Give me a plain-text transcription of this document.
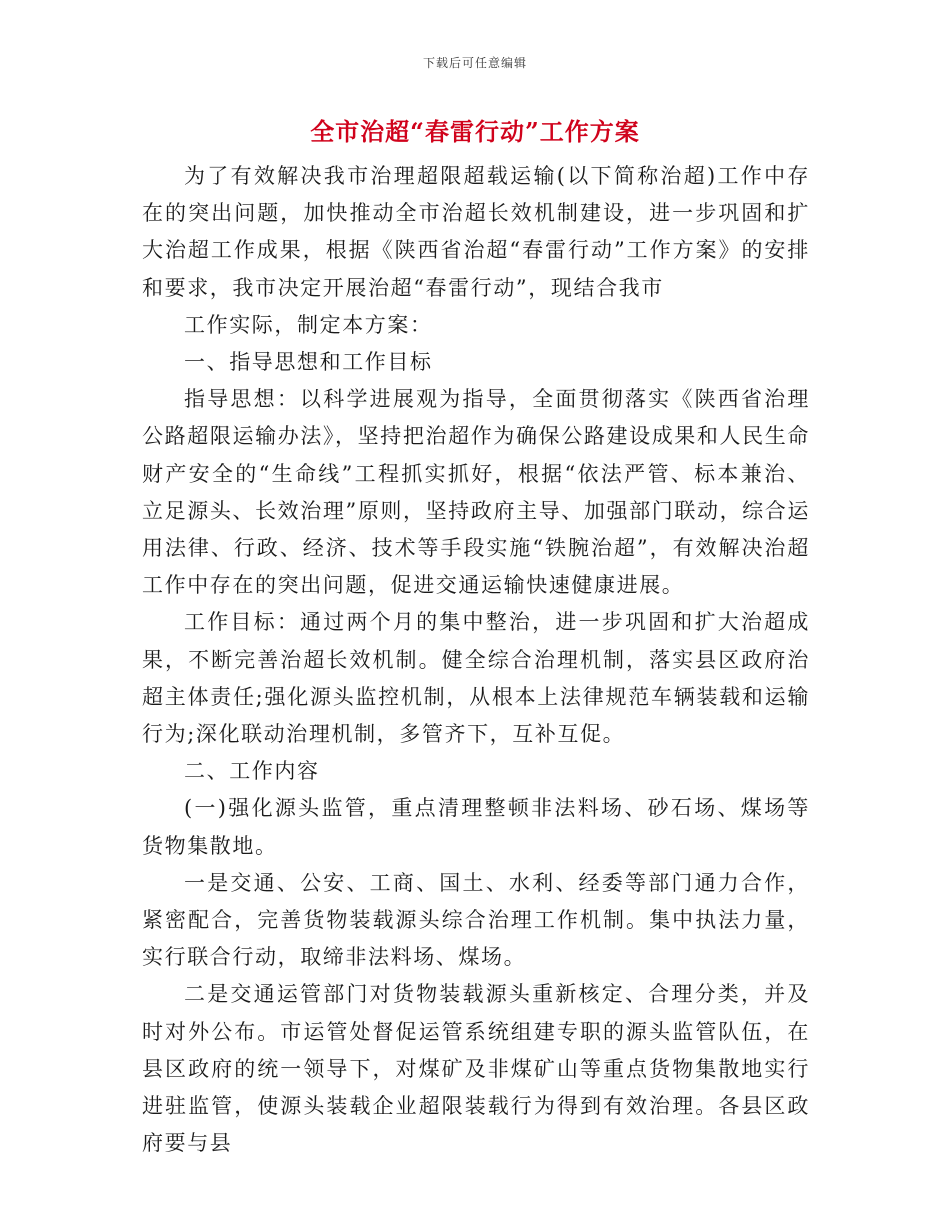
下载后可任意编辑
全市治超“春雷行动”工作方案

为了有效解决我市治理超限超载运输(以下简称治超)工作中存在的突出问题，加快推动全市治超长效机制建设，进一步巩固和扩大治超工作成果，根据《陕西省治超“春雷行动”工作方案》的安排和要求，我市决定开展治超“春雷行动”，现结合我市

工作实际，制定本方案：

一、指导思想和工作目标

指导思想：以科学进展观为指导，全面贯彻落实《陕西省治理公路超限运输办法》，坚持把治超作为确保公路建设成果和人民生命财产安全的“生命线”工程抓实抓好，根据“依法严管、标本兼治、立足源头、长效治理”原则，坚持政府主导、加强部门联动，综合运用法律、行政、经济、技术等手段实施“铁腕治超”，有效解决治超工作中存在的突出问题，促进交通运输快速健康进展。

工作目标：通过两个月的集中整治，进一步巩固和扩大治超成果，不断完善治超长效机制。健全综合治理机制，落实县区政府治超主体责任;强化源头监控机制，从根本上法律规范车辆装载和运输行为;深化联动治理机制，多管齐下，互补互促。

二、工作内容

(一)强化源头监管，重点清理整顿非法料场、砂石场、煤场等货物集散地。

一是交通、公安、工商、国土、水利、经委等部门通力合作，紧密配合，完善货物装载源头综合治理工作机制。集中执法力量，实行联合行动，取缔非法料场、煤场。

二是交通运管部门对货物装载源头重新核定、合理分类，并及时对外公布。市运管处督促运管系统组建专职的源头监管队伍，在县区政府的统一领导下，对煤矿及非煤矿山等重点货物集散地实行进驻监管，使源头装载企业超限装载行为得到有效治理。各县区政府要与县
